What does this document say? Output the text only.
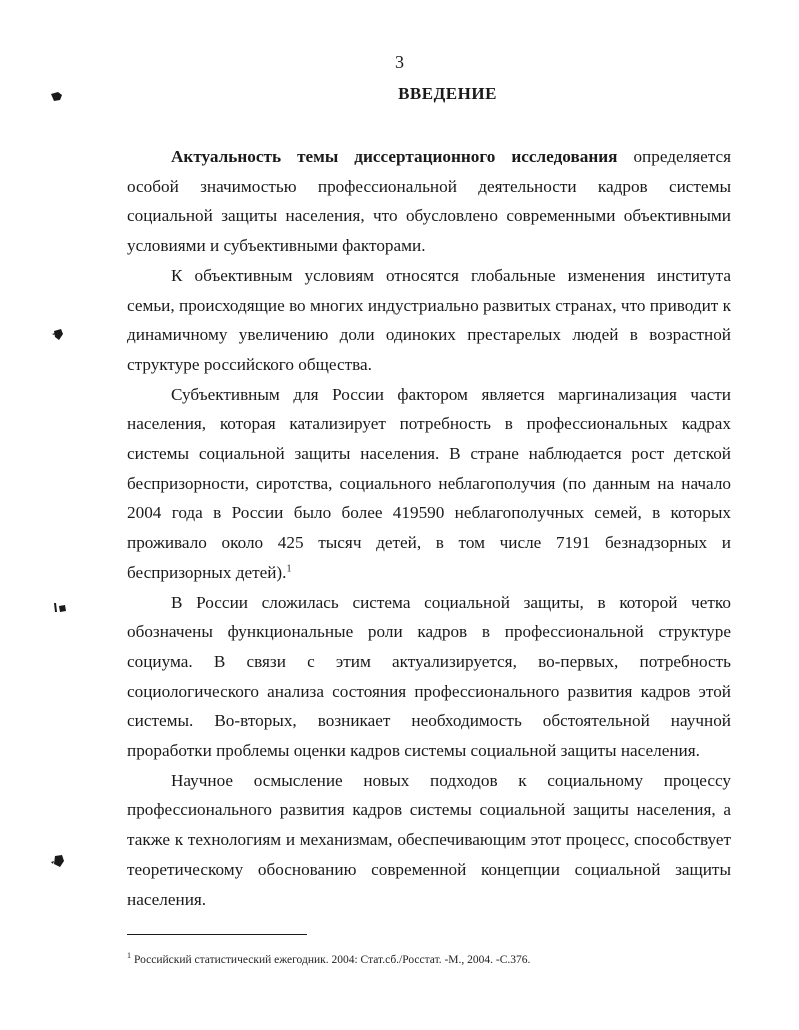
3
ВВЕДЕНИЕ

Актуальность темы диссертационного исследования определяется особой значимостью профессиональной деятельности кадров системы социальной защиты населения, что обусловлено современными объективными условиями и субъективными факторами.

К объективным условиям относятся глобальные изменения института семьи, происходящие во многих индустриально развитых странах, что приводит к динамичному увеличению доли одиноких престарелых людей в возрастной структуре российского общества.

Субъективным для России фактором является маргинализация части населения, которая катализирует потребность в профессиональных кадрах системы социальной защиты населения. В стране наблюдается рост детской беспризорности, сиротства, социального неблагополучия (по данным на начало 2004 года в России было более 419590 неблагополучных семей, в которых проживало около 425 тысяч детей, в том числе 7191 безнадзорных и беспризорных детей).$^1$

В России сложилась система социальной защиты, в которой четко обозначены функциональные роли кадров в профессиональной структуре социума. В связи с этим актуализируется, во-первых, потребность социологического анализа состояния профессионального развития кадров этой системы. Во-вторых, возникает необходимость обстоятельной научной проработки проблемы оценки кадров системы социальной защиты населения.

Научное осмысление новых подходов к социальному процессу профессионального развития кадров системы социальной защиты населения, а также к технологиям и механизмам, обеспечивающим этот процесс, способствует теоретическому обоснованию современной концепции социальной защиты населения.

$^1$ Российский статистический ежегодник. 2004: Стат.сб./Росстат. -М., 2004. -С.376.
